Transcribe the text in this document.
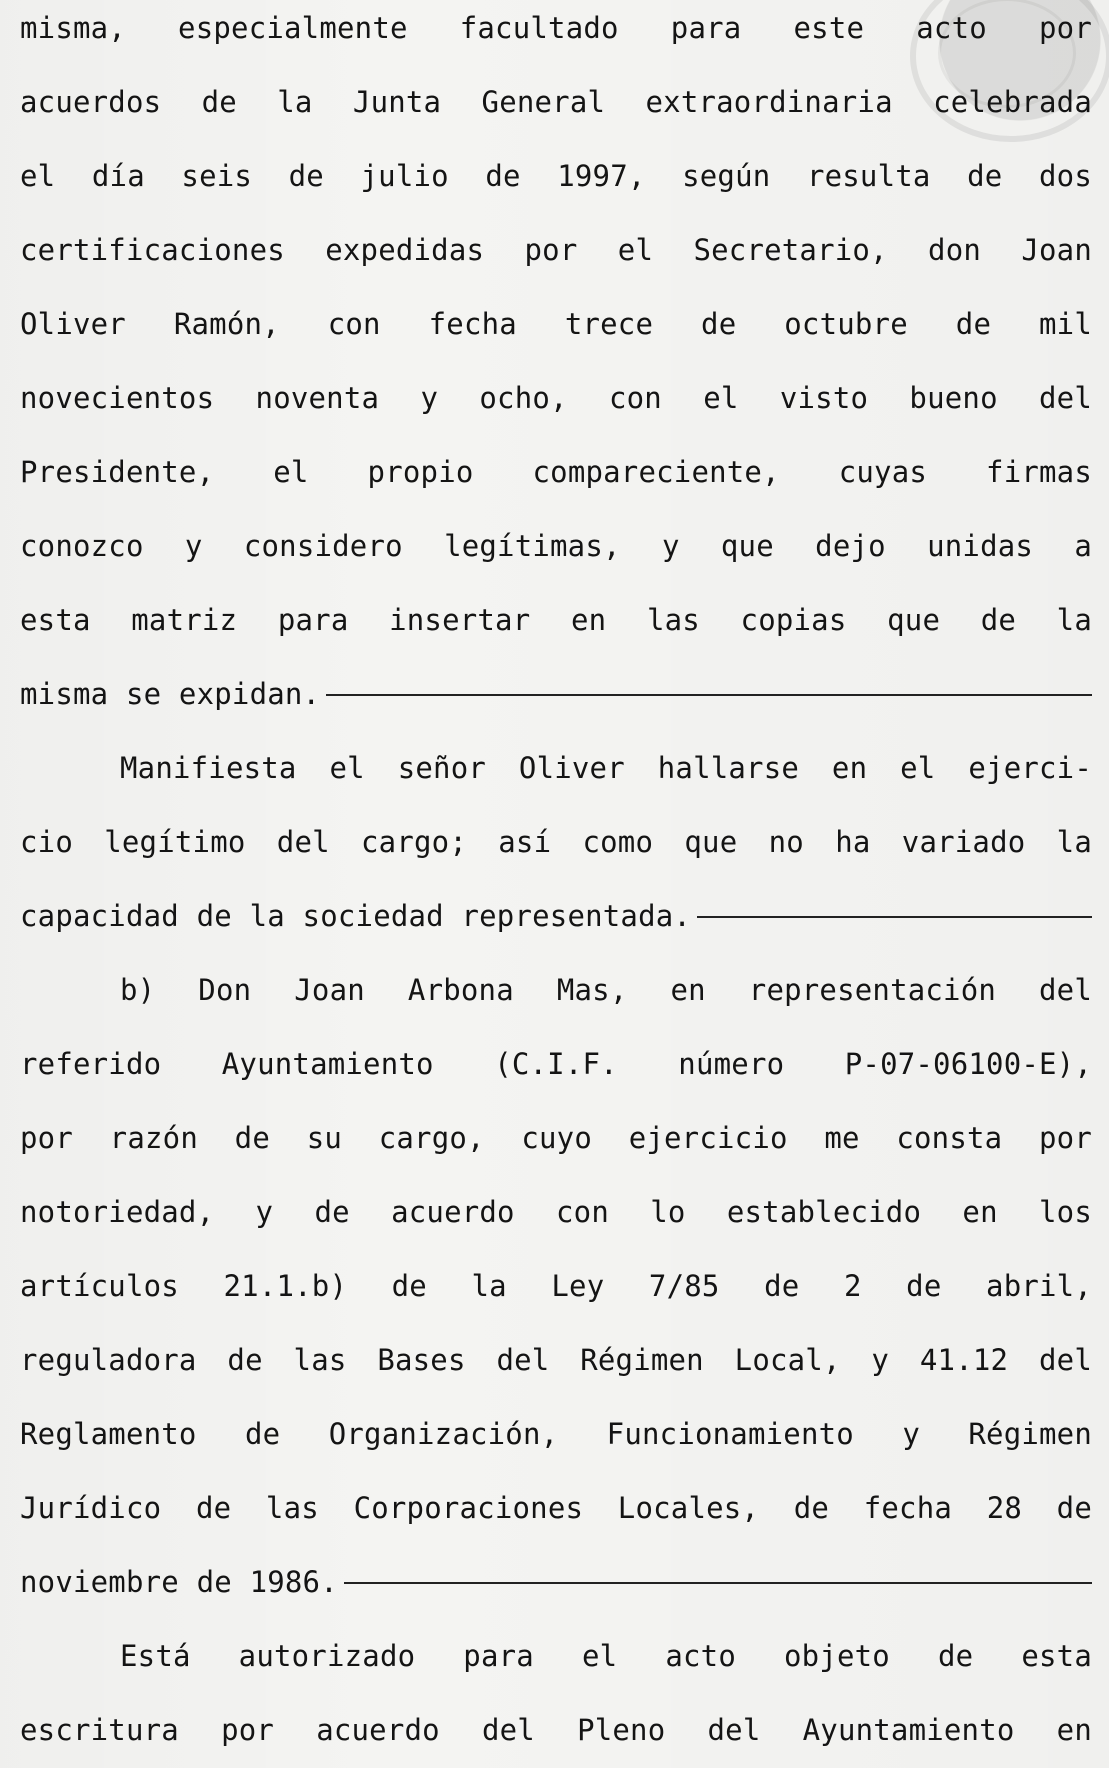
misma, especialmente facultado para este acto por
acuerdos de la Junta General extraordinaria celebrada
el día seis de julio de 1997, según resulta de dos
certificaciones expedidas por el Secretario, don Joan
Oliver Ramón, con fecha trece de octubre de mil
novecientos noventa y ocho, con el visto bueno del
Presidente, el propio compareciente, cuyas firmas
conozco y considero legítimas, y que dejo unidas a
esta matriz para insertar en las copias que de la
misma se expidan.
Manifiesta el señor Oliver hallarse en el ejerci-
cio legítimo del cargo; así como que no ha variado la
capacidad de la sociedad representada.
b) Don Joan Arbona Mas, en representación del
referido Ayuntamiento (C.I.F. número P-07-06100-E),
por razón de su cargo, cuyo ejercicio me consta por
notoriedad, y de acuerdo con lo establecido en los
artículos 21.1.b) de la Ley 7/85 de 2 de abril,
reguladora de las Bases del Régimen Local, y 41.12 del
Reglamento de Organización, Funcionamiento y Régimen
Jurídico de las Corporaciones Locales, de fecha 28 de
noviembre de 1986.
Está autorizado para el acto objeto de esta
escritura por acuerdo del Pleno del Ayuntamiento en
